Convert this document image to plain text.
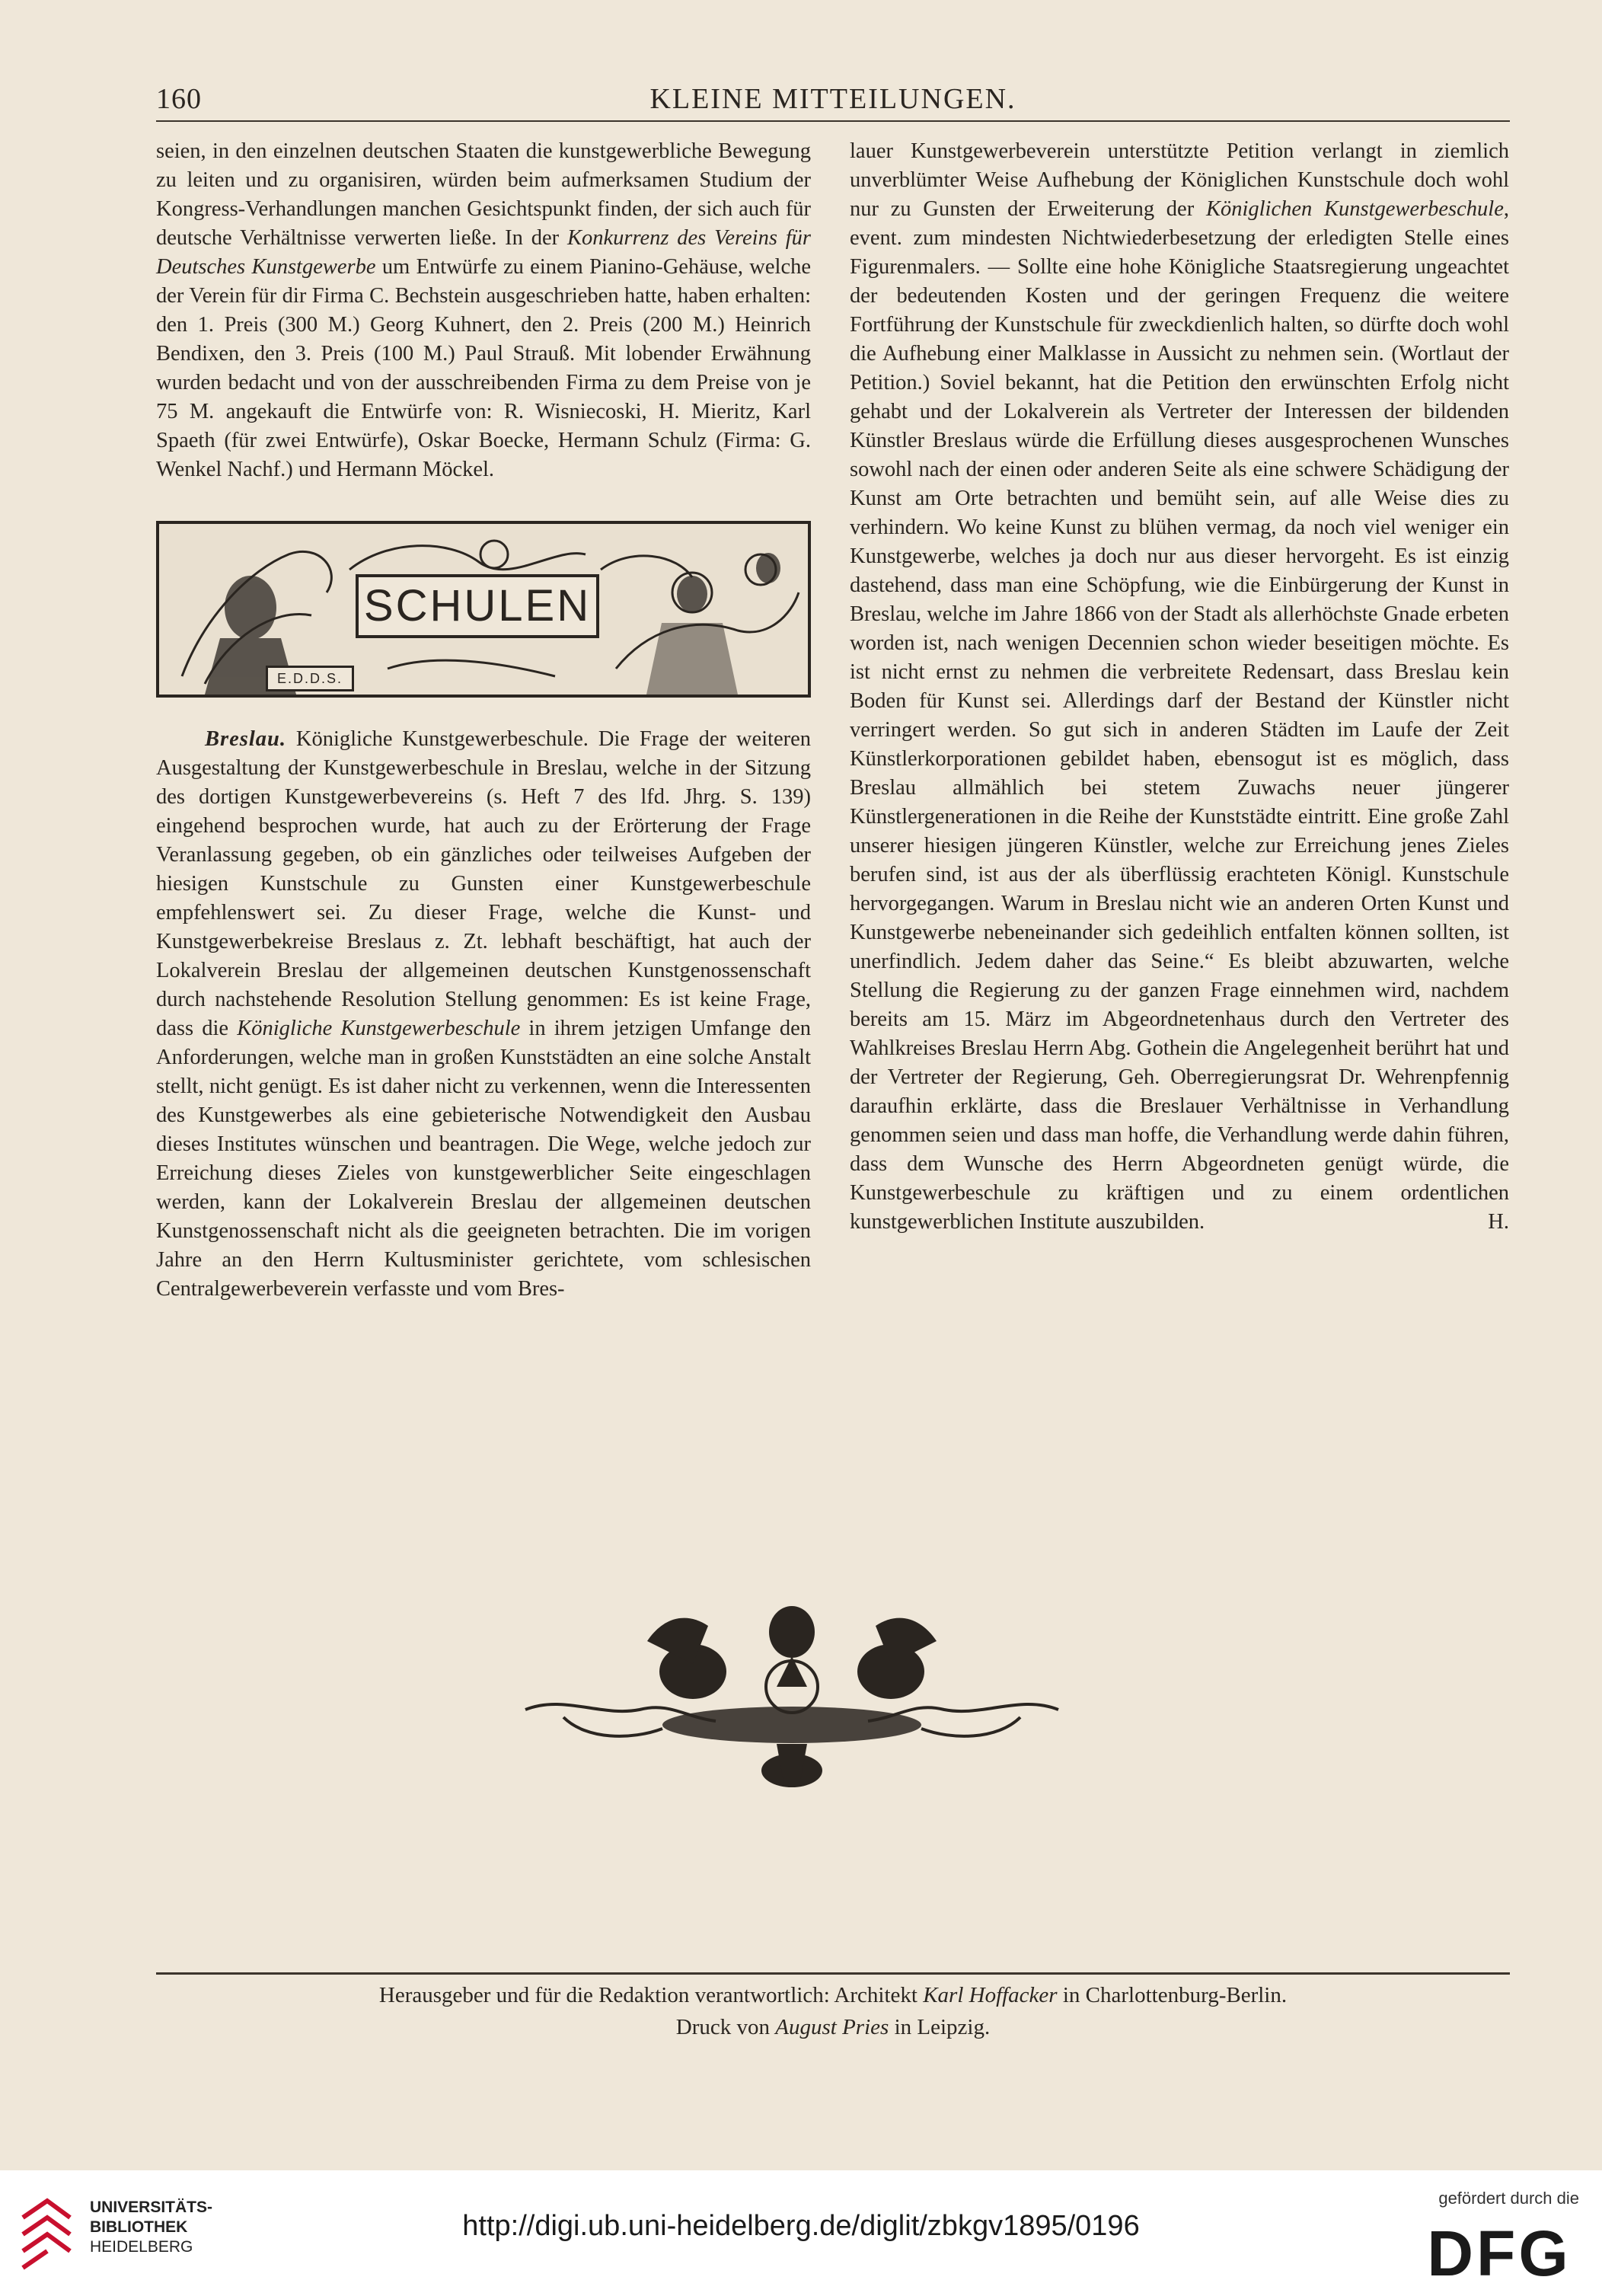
160	KLEINE MITTEILUNGEN.

seien, in den einzelnen deutschen Staaten die kunstgewerbliche Bewegung zu leiten und zu organisiren, würden beim aufmerksamen Studium der Kongress-Verhandlungen manchen Gesichtspunkt finden, der sich auch für deutsche Verhältnisse verwerten ließe. In der Konkurrenz des Vereins für Deutsches Kunstgewerbe um Entwürfe zu einem Pianino-Gehäuse, welche der Verein für dir Firma C. Bechstein ausgeschrieben hatte, haben erhalten: den 1. Preis (300 M.) Georg Kuhnert, den 2. Preis (200 M.) Heinrich Bendixen, den 3. Preis (100 M.) Paul Strauß. Mit lobender Erwähnung wurden bedacht und von der ausschreibenden Firma zu dem Preise von je 75 M. angekauft die Entwürfe von: R. Wisniecoski, H. Mieritz, Karl Spaeth (für zwei Entwürfe), Oskar Boecke, Hermann Schulz (Firma: G. Wenkel Nachf.) und Hermann Möckel.

SCHULEN
E.D.D.S.

Breslau. Königliche Kunstgewerbeschule. Die Frage der weiteren Ausgestaltung der Kunstgewerbeschule in Breslau, welche in der Sitzung des dortigen Kunstgewerbevereins (s. Heft 7 des lfd. Jhrg. S. 139) eingehend besprochen wurde, hat auch zu der Erörterung der Frage Veranlassung gegeben, ob ein gänzliches oder teilweises Aufgeben der hiesigen Kunstschule zu Gunsten einer Kunstgewerbeschule empfehlenswert sei. Zu dieser Frage, welche die Kunst- und Kunstgewerbekreise Breslaus z. Zt. lebhaft beschäftigt, hat auch der Lokalverein Breslau der allgemeinen deutschen Kunstgenossenschaft durch nachstehende Resolution Stellung genommen: Es ist keine Frage, dass die Königliche Kunstgewerbeschule in ihrem jetzigen Umfange den Anforderungen, welche man in großen Kunststädten an eine solche Anstalt stellt, nicht genügt. Es ist daher nicht zu verkennen, wenn die Interessenten des Kunstgewerbes als eine gebieterische Notwendigkeit den Ausbau dieses Institutes wünschen und beantragen. Die Wege, welche jedoch zur Erreichung dieses Zieles von kunstgewerblicher Seite eingeschlagen werden, kann der Lokalverein Breslau der allgemeinen deutschen Kunstgenossenschaft nicht als die geeigneten betrachten. Die im vorigen Jahre an den Herrn Kultusminister gerichtete, vom schlesischen Centralgewerbeverein verfasste und vom Bres-

lauer Kunstgewerbeverein unterstützte Petition verlangt in ziemlich unverblümter Weise Aufhebung der Königlichen Kunstschule doch wohl nur zu Gunsten der Erweiterung der Königlichen Kunstgewerbeschule, event. zum mindesten Nichtwiederbesetzung der erledigten Stelle eines Figurenmalers. — Sollte eine hohe Königliche Staatsregierung ungeachtet der bedeutenden Kosten und der geringen Frequenz die weitere Fortführung der Kunstschule für zweckdienlich halten, so dürfte doch wohl die Aufhebung einer Malklasse in Aussicht zu nehmen sein. (Wortlaut der Petition.) Soviel bekannt, hat die Petition den erwünschten Erfolg nicht gehabt und der Lokalverein als Vertreter der Interessen der bildenden Künstler Breslaus würde die Erfüllung dieses ausgesprochenen Wunsches sowohl nach der einen oder anderen Seite als eine schwere Schädigung der Kunst am Orte betrachten und bemüht sein, auf alle Weise dies zu verhindern. Wo keine Kunst zu blühen vermag, da noch viel weniger ein Kunstgewerbe, welches ja doch nur aus dieser hervorgeht. Es ist einzig dastehend, dass man eine Schöpfung, wie die Einbürgerung der Kunst in Breslau, welche im Jahre 1866 von der Stadt als allerhöchste Gnade erbeten worden ist, nach wenigen Decennien schon wieder beseitigen möchte. Es ist nicht ernst zu nehmen die verbreitete Redensart, dass Breslau kein Boden für Kunst sei. Allerdings darf der Bestand der Künstler nicht verringert werden. So gut sich in anderen Städten im Laufe der Zeit Künstlerkorporationen gebildet haben, ebensogut ist es möglich, dass Breslau allmählich bei stetem Zuwachs neuer jüngerer Künstlergenerationen in die Reihe der Kunststädte eintritt. Eine große Zahl unserer hiesigen jüngeren Künstler, welche zur Erreichung jenes Zieles berufen sind, ist aus der als überflüssig erachteten Königl. Kunstschule hervorgegangen. Warum in Breslau nicht wie an anderen Orten Kunst und Kunstgewerbe nebeneinander sich gedeihlich entfalten können sollten, ist unerfindlich. Jedem daher das Seine.“ Es bleibt abzuwarten, welche Stellung die Regierung zu der ganzen Frage einnehmen wird, nachdem bereits am 15. März im Abgeordnetenhaus durch den Vertreter des Wahlkreises Breslau Herrn Abg. Gothein die Angelegenheit berührt hat und der Vertreter der Regierung, Geh. Oberregierungsrat Dr. Wehrenpfennig daraufhin erklärte, dass die Breslauer Verhältnisse in Verhandlung genommen seien und dass man hoffe, die Verhandlung werde dahin führen, dass dem Wunsche des Herrn Abgeordneten genügt würde, die Kunstgewerbeschule zu kräftigen und zu einem ordentlichen kunstgewerblichen Institute auszubilden.	H.

Herausgeber und für die Redaktion verantwortlich: Architekt Karl Hoffacker in Charlottenburg-Berlin.
Druck von August Pries in Leipzig.
UNIVERSITÄTS-
BIBLIOTHEK
HEIDELBERG
http://digi.ub.uni-heidelberg.de/diglit/zbkgv1895/0196
gefördert durch die
DFG
